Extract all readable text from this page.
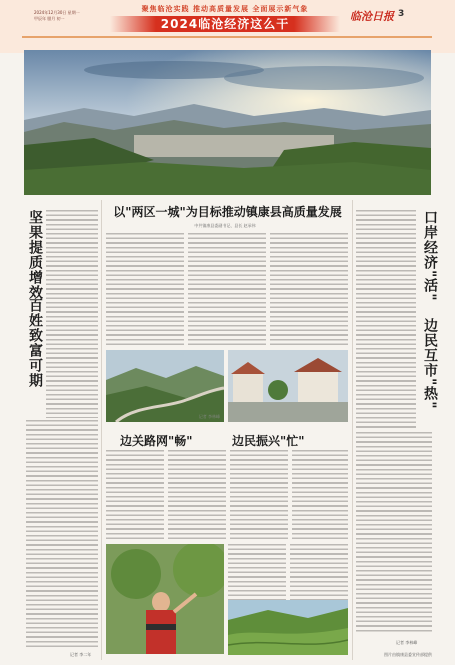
2024年12月30日 星期一
甲辰年 腊月 初一
聚焦临沧实践 推动高质量发展 全面展示新气象
2024临沧经济这么干
临沧日报 3
坚果提质增效
百姓致富可期
记者 李二年
以"两区一城"为目标推动镇康县高质量发展
中共镇康县委副书记、县长 赵承伟
记者 李林峰
边关路网"畅"	边民振兴"忙"
口岸经济"活"
边民互市"热"
记者 李林峰
图片由镇康县委宣传部提供
